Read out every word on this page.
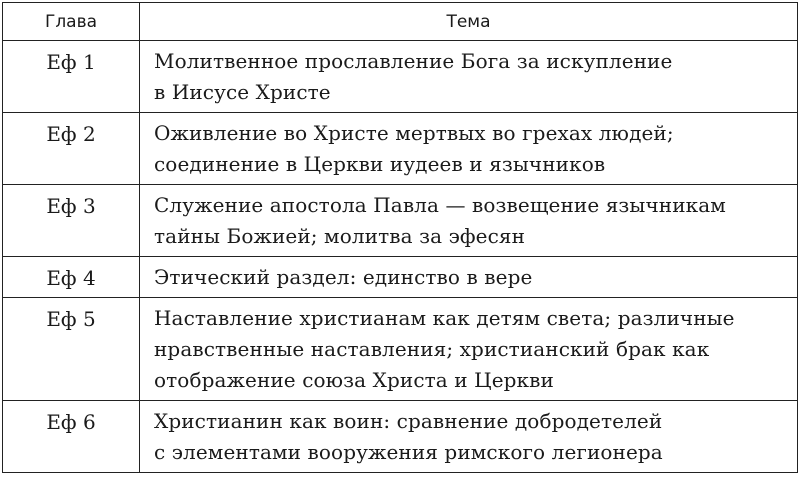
Глава	Тема
Еф 1	Молитвенное прославление Бога за искупление
в Иисусе Христе

Еф 2	Оживление во Христе мертвых во грехах людей;
соединение в Церкви иудеев и язычников

Еф 3	Служение апостола Павла — возвещение язычникам
тайны Божией; молитва за эфесян

Еф 4	Этический раздел: единство в вере

Еф 5	Наставление христианам как детям света; различные
нравственные наставления; христианский брак как
отображение союза Христа и Церкви

Еф 6	Христианин как воин: сравнение добродетелей
с элементами вооружения римского легионера
